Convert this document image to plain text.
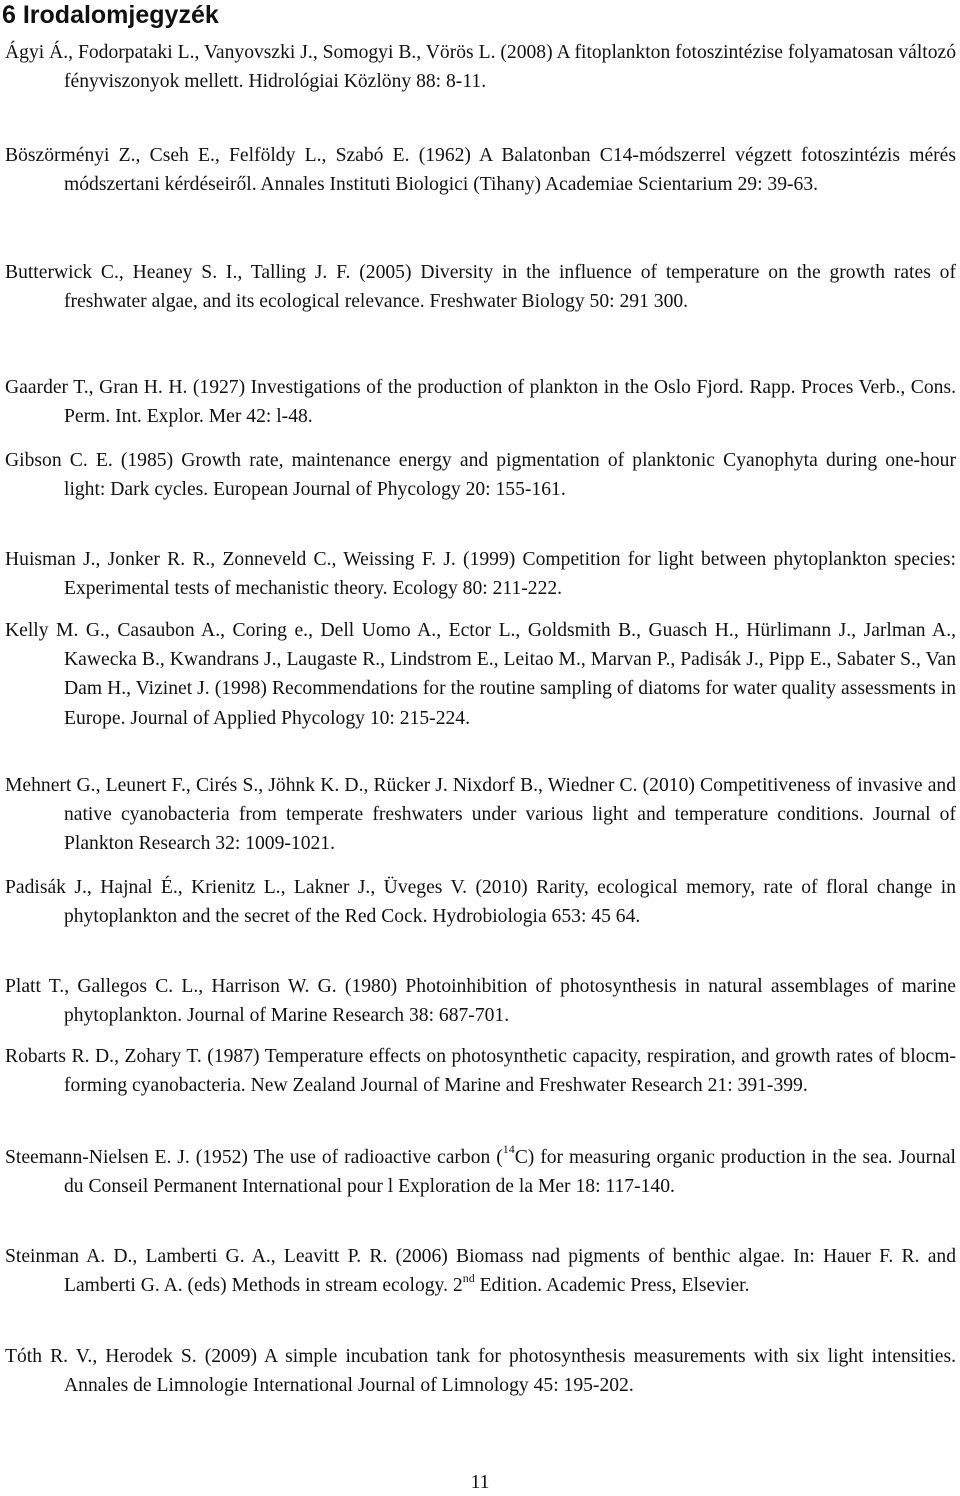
6 Irodalomjegyzék

Ágyi Á., Fodorpataki L., Vanyovszki J., Somogyi B., Vörös L. (2008) A fitoplankton fotoszintézise folyamatosan változó fényviszonyok mellett. Hidrológiai Közlöny 88: 8-11.

Böszörményi Z., Cseh E., Felföldy L., Szabó E. (1962) A Balatonban C14-módszerrel végzett fotoszintézis mérés módszertani kérdéseiről. Annales Instituti Biologici (Tihany) Academiae Scientarium 29: 39-63.

Butterwick C., Heaney S. I., Talling J. F. (2005) Diversity in the influence of temperature on the growth rates of freshwater algae, and its ecological relevance. Freshwater Biology 50: 291 300.

Gaarder T., Gran H. H. (1927) Investigations of the production of plankton in the Oslo Fjord. Rapp. Proces Verb., Cons. Perm. Int. Explor. Mer 42: l-48.

Gibson C. E. (1985) Growth rate, maintenance energy and pigmentation of planktonic Cyanophyta during one-hour light: Dark cycles. European Journal of Phycology 20: 155-161.

Huisman J., Jonker R. R., Zonneveld C., Weissing F. J. (1999) Competition for light between phytoplankton species: Experimental tests of mechanistic theory. Ecology 80: 211-222.

Kelly M. G., Casaubon A., Coring e., Dell Uomo A., Ector L., Goldsmith B., Guasch H., Hürlimann J., Jarlman A., Kawecka B., Kwandrans J., Laugaste R., Lindstrom E., Leitao M., Marvan P., Padisák J., Pipp E., Sabater S., Van Dam H., Vizinet J. (1998) Recommendations for the routine sampling of diatoms for water quality assessments in Europe. Journal of Applied Phycology 10: 215-224.

Mehnert G., Leunert F., Cirés S., Jöhnk K. D., Rücker J. Nixdorf B., Wiedner C. (2010) Competitiveness of invasive and native cyanobacteria from temperate freshwaters under various light and temperature conditions. Journal of Plankton Research 32: 1009-1021.

Padisák J., Hajnal É., Krienitz L., Lakner J., Üveges V. (2010) Rarity, ecological memory, rate of floral change in phytoplankton and the secret of the Red Cock. Hydrobiologia 653: 45 64.

Platt T., Gallegos C. L., Harrison W. G. (1980) Photoinhibition of photosynthesis in natural assemblages of marine phytoplankton. Journal of Marine Research 38: 687-701.

Robarts R. D., Zohary T. (1987) Temperature effects on photosynthetic capacity, respiration, and growth rates of blocm-forming cyanobacteria. New Zealand Journal of Marine and Freshwater Research 21: 391-399.

Steemann-Nielsen E. J. (1952) The use of radioactive carbon ($^{14}$C) for measuring organic production in the sea. Journal du Conseil Permanent International pour l Exploration de la Mer 18: 117-140.

Steinman A. D., Lamberti G. A., Leavitt P. R. (2006) Biomass nad pigments of benthic algae. In: Hauer F. R. and Lamberti G. A. (eds) Methods in stream ecology. 2nd Edition. Academic Press, Elsevier.

Tóth R. V., Herodek S. (2009) A simple incubation tank for photosynthesis measurements with six light intensities. Annales de Limnologie International Journal of Limnology 45: 195-202.

11
